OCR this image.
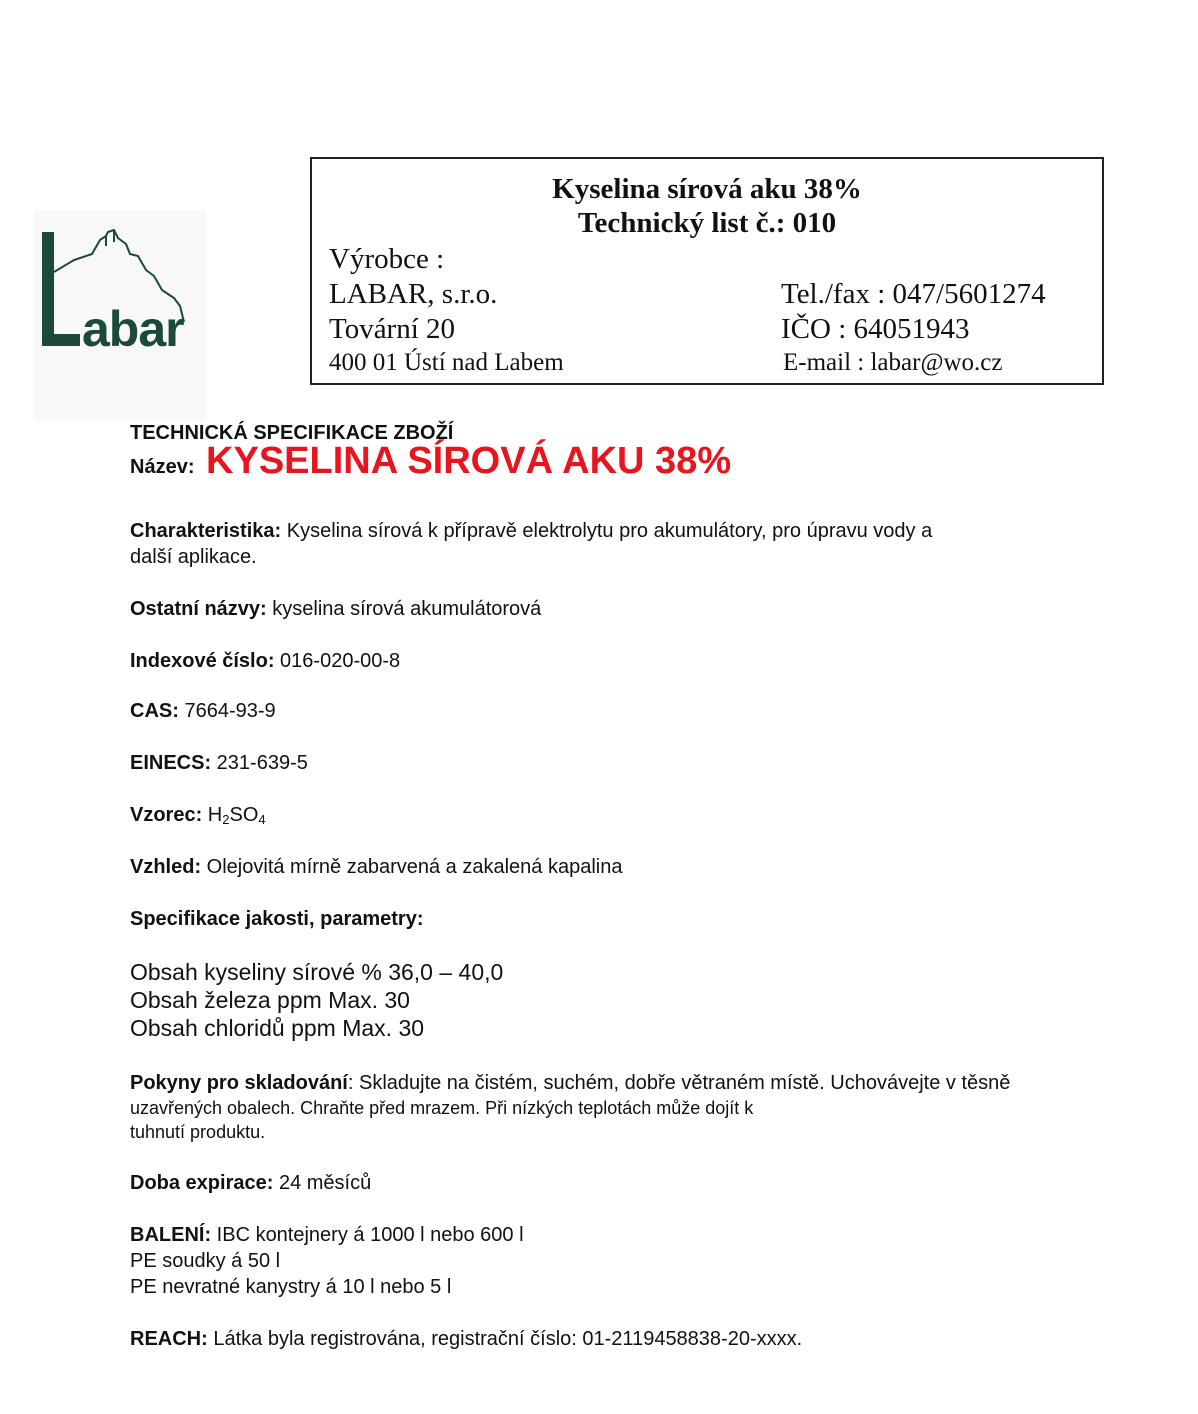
abar
Kyselina sírová aku 38%
Technický list č.: 010
Výrobce :
LABAR, s.r.o.
Tovární 20
400 01 Ústí nad Labem
Tel./fax : 047/5601274
IČO : 64051943
E-mail : labar@wo.cz
TECHNICKÁ SPECIFIKACE ZBOŽÍ
Název: KYSELINA SÍROVÁ AKU 38%
Charakteristika: Kyselina sírová k přípravě elektrolytu pro akumulátory, pro úpravu vody a
další aplikace.
Ostatní názvy: kyselina sírová akumulátorová
Indexové číslo: 016-020-00-8
CAS: 7664-93-9
EINECS: 231-639-5
Vzorec: $H_2SO_4$
Vzhled: Olejovitá mírně zabarvená a zakalená kapalina
Specifikace jakosti, parametry:
Obsah kyseliny sírové % 36,0 – 40,0
Obsah železa ppm Max. 30
Obsah chloridů ppm Max. 30
Pokyny pro skladování: Skladujte na čistém, suchém, dobře větraném místě. Uchovávejte v těsně
uzavřených obalech. Chraňte před mrazem. Při nízkých teplotách může dojít k
tuhnutí produktu.
Doba expirace: 24 měsíců
BALENÍ: IBC kontejnery á 1000 l nebo 600 l
PE soudky á 50 l
PE nevratné kanystry á 10 l nebo 5 l
REACH: Látka byla registrována, registrační číslo: 01-2119458838-20-xxxx.
